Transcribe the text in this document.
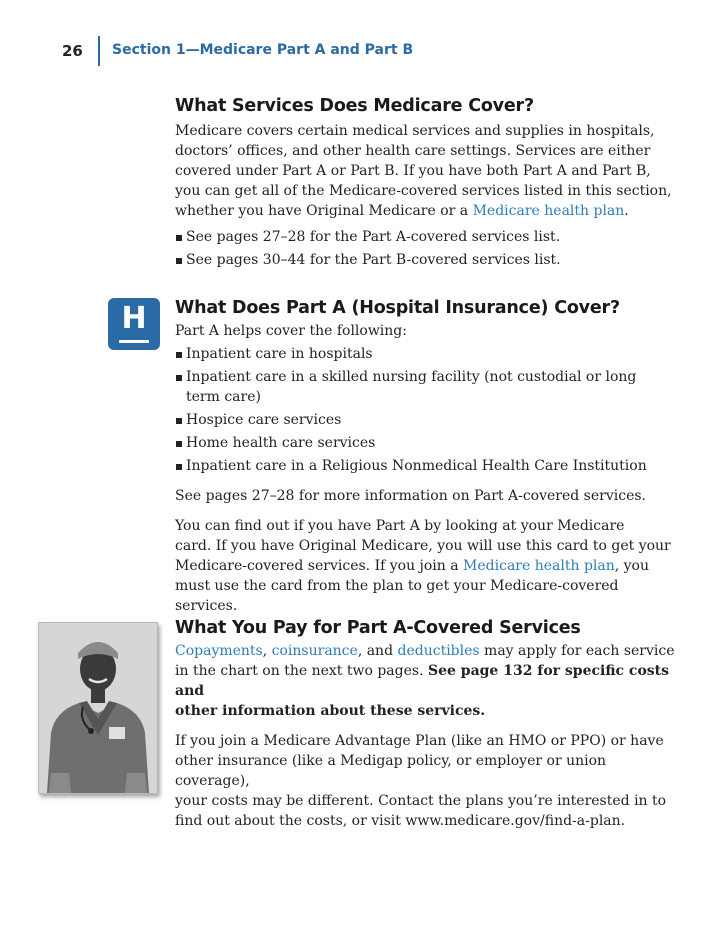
26 Section 1—Medicare Part A and Part B
What Services Does Medicare Cover?

Medicare covers certain medical services and supplies in hospitals,
doctors’ offices, and other health care settings. Services are either
covered under Part A or Part B. If you have both Part A and Part B,
you can get all of the Medicare-covered services listed in this section,
whether you have Original Medicare or a Medicare health plan.

See pages 27–28 for the Part A-covered services list.
See pages 30–44 for the Part B-covered services list.
H	What Does Part A (Hospital Insurance) Cover?

Part A helps cover the following:

Inpatient care in hospitals
Inpatient care in a skilled nursing facility (not custodial or long term care)
Hospice care services
Home health care services
Inpatient care in a Religious Nonmedical Health Care Institution

See pages 27–28 for more information on Part A-covered services.

You can find out if you have Part A by looking at your Medicare
card. If you have Original Medicare, you will use this card to get your
Medicare-covered services. If you join a Medicare health plan, you
must use the card from the plan to get your Medicare-covered services.

What You Pay for Part A-Covered Services

Copayments, coinsurance, and deductibles may apply for each service
in the chart on the next two pages. See page 132 for specific costs and
other information about these services.

If you join a Medicare Advantage Plan (like an HMO or PPO) or have
other insurance (like a Medigap policy, or employer or union coverage),
your costs may be different. Contact the plans you’re interested in to
find out about the costs, or visit www.medicare.gov/find-a-plan.
